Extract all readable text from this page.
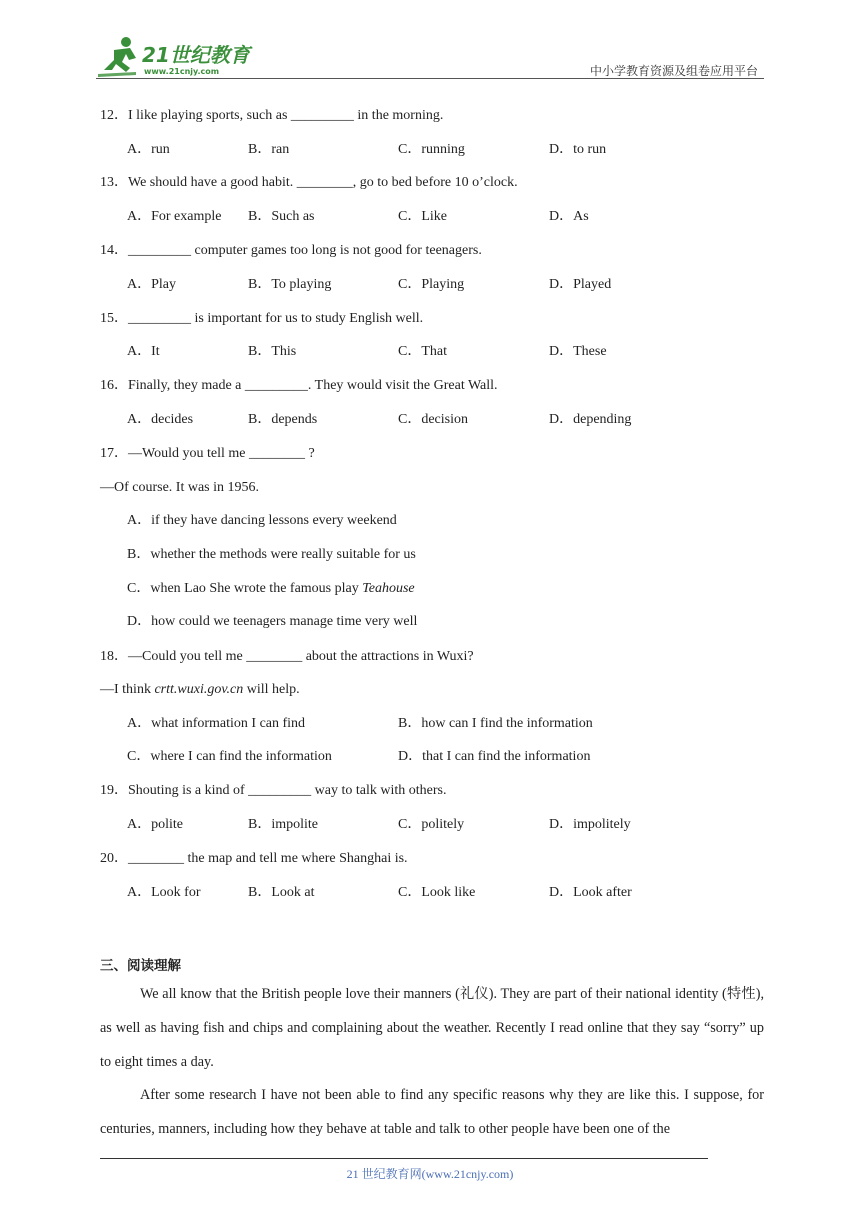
21世纪教育
www.21cnjy.com	中小学教育资源及组卷应用平台
12．I like playing sports, such as _________ in the morning.
A．run	B．ran	C．running	D．to run
13．We should have a good habit. ________, go to bed before 10 o’clock.
A．For example B．Such as	C．Like	D．As
14．_________ computer games too long is not good for teenagers.
A．Play	B．To playing	C．Playing	D．Played
15．_________ is important for us to study English well.
A．It	B．This	C．That	D．These
16．Finally, they made a _________. They would visit the Great Wall.
A．decides	B．depends	C．decision	D．depending
17．—Would you tell me ________ ?
—Of course. It was in 1956.
A．if they have dancing lessons every weekend
B．whether the methods were really suitable for us
C．when Lao She wrote the famous play Teahouse
D．how could we teenagers manage time very well
18．—Could you tell me ________ about the attractions in Wuxi?
—I think crtt.wuxi.gov.cn will help.
A．what information I can find	B．how can I find the information
C．where I can find the information	D．that I can find the information
19．Shouting is a kind of _________ way to talk with others.
A．polite	B．impolite	C．politely	D．impolitely
20．________ the map and tell me where Shanghai is.
A．Look for	B．Look at	C．Look like	D．Look after
三、阅读理解
We all know that the British people love their manners (礼仪). They are part of their national identity (特性), as well as having fish and chips and complaining about the weather. Recently I read online that they say “sorry” up to eight times a day.
After some research I have not been able to find any specific reasons why they are like this. I suppose, for centuries, manners, including how they behave at table and talk to other people have been one of the
21 世纪教育网(www.21cnjy.com)
